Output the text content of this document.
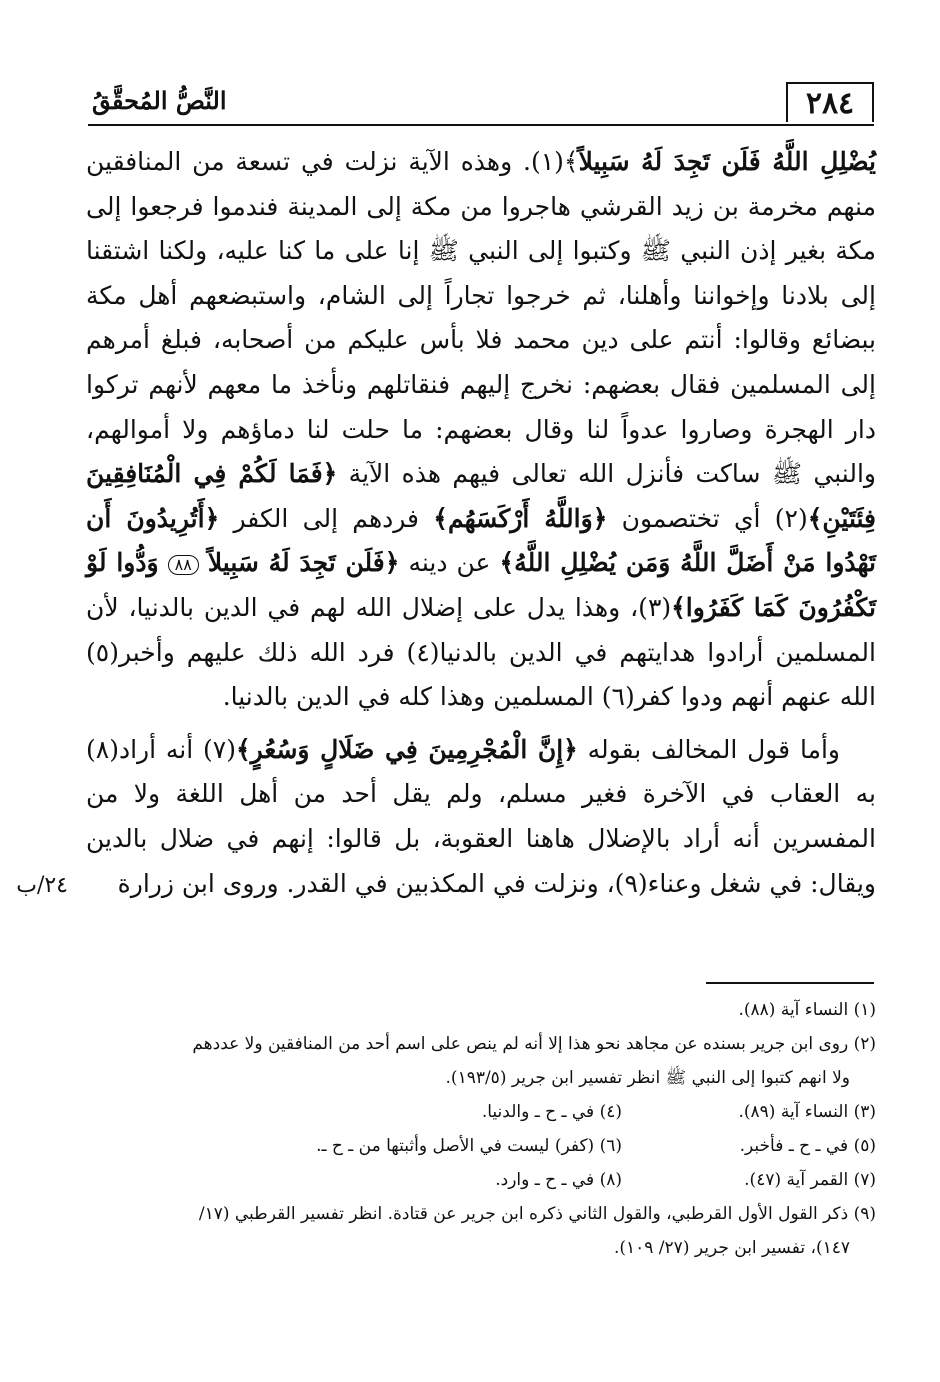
٢٨٤
النَّصُّ المُحقَّقُ

يُضْلِلِ اللَّهُ فَلَن تَجِدَ لَهُ سَبِيلاً﴾(١). وهذه الآية نزلت في تسعة من المنافقين منهم مخرمة بن زيد القرشي هاجروا من مكة إلى المدينة فندموا فرجعوا إلى مكة بغير إذن النبي ﷺ وكتبوا إلى النبي ﷺ إنا على ما كنا عليه، ولكنا اشتقنا إلى بلادنا وإخواننا وأهلنا، ثم خرجوا تجاراً إلى الشام، واستبضعهم أهل مكة ببضائع وقالوا: أنتم على دين محمد فلا بأس عليكم من أصحابه، فبلغ أمرهم إلى المسلمين فقال بعضهم: نخرج إليهم فنقاتلهم ونأخذ ما معهم لأنهم تركوا دار الهجرة وصاروا عدواً لنا وقال بعضهم: ما حلت لنا دماؤهم ولا أموالهم، والنبي ﷺ ساكت فأنزل الله تعالى فيهم هذه الآية ﴿فَمَا لَكُمْ فِي الْمُنَافِقِينَ فِئَتَيْنِ﴾(٢) أي تختصمون ﴿وَاللَّهُ أَرْكَسَهُم﴾ فردهم إلى الكفر ﴿أَتُرِيدُونَ أَن تَهْدُوا مَنْ أَضَلَّ اللَّهُ وَمَن يُضْلِلِ اللَّهُ﴾ عن دينه ﴿فَلَن تَجِدَ لَهُ سَبِيلاً ٨٨ وَدُّوا لَوْ تَكْفُرُونَ كَمَا كَفَرُوا﴾(٣)، وهذا يدل على إضلال الله لهم في الدين بالدنيا، لأن المسلمين أرادوا هدايتهم في الدين بالدنيا(٤) فرد الله ذلك عليهم وأخبر(٥) الله عنهم أنهم ودوا كفر(٦) المسلمين وهذا كله في الدين بالدنيا.

وأما قول المخالف بقوله ﴿إِنَّ الْمُجْرِمِينَ فِي ضَلَالٍ وَسُعُرٍ﴾(٧) أنه أراد(٨) به العقاب في الآخرة فغير مسلم، ولم يقل أحد من أهل اللغة ولا من المفسرين أنه أراد بالإضلال هاهنا العقوبة، بل قالوا: إنهم في ضلال بالدين ويقال: في شغل وعناء(٩)، ونزلت في المكذبين في القدر. وروى ابن زرارة

٢٤/ب

(١) النساء آية (٨٨).

(٢) روى ابن جرير بسنده عن مجاهد نحو هذا إلا أنه لم ينص على اسم أحد من المنافقين ولا عددهم

ولا انهم كتبوا إلى النبي ﷺ انظر تفسير ابن جرير (١٩٣/٥).

(٣) النساء آية (٨٩).
(٤) في ـ ح ـ والدنيا.
(٥) في ـ ح ـ فأخبر.
(٦) (كفر) ليست في الأصل وأثبتها من ـ ح ـ.
(٧) القمر آية (٤٧).
(٨) في ـ ح ـ وارد.

(٩) ذكر القول الأول القرطبي، والقول الثاني ذكره ابن جرير عن قتادة. انظر تفسير القرطبي (١٧/

١٤٧)، تفسير ابن جرير (٢٧/ ١٠٩).
